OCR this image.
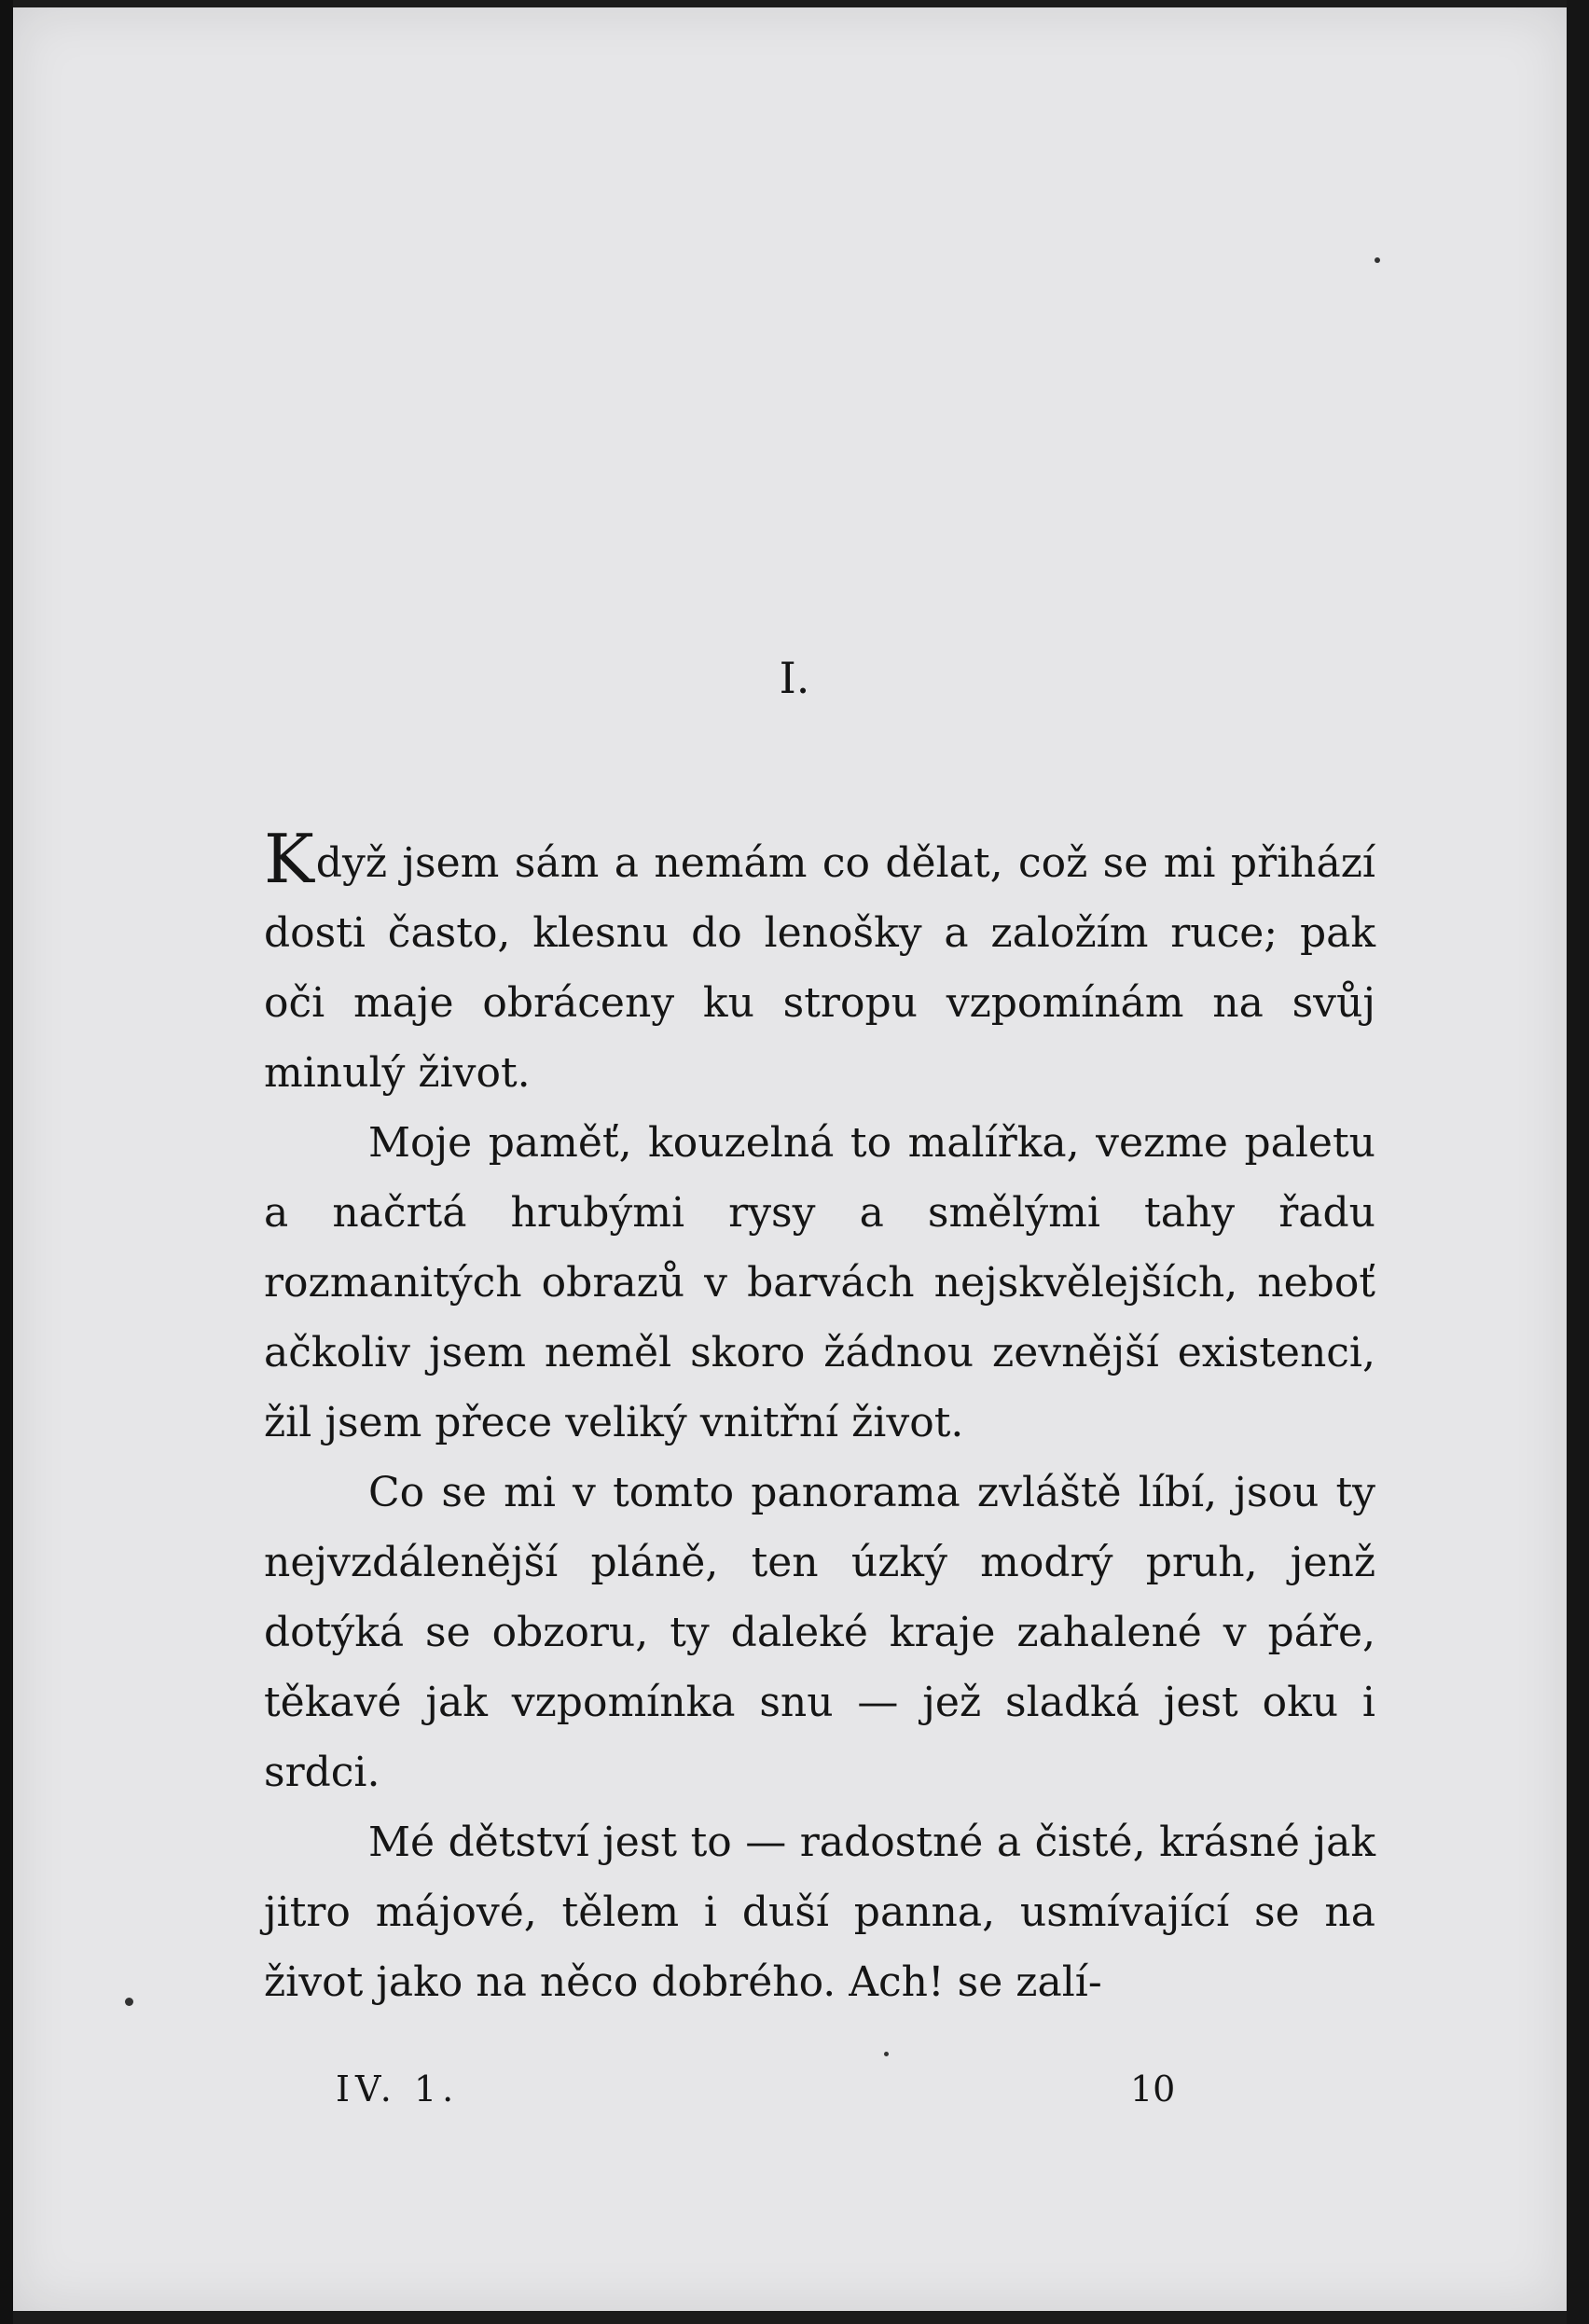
I.

Když jsem sám a nemám co dělat, což se mi přihází dosti často, klesnu do lenošky a založím ruce; pak oči maje obráceny ku stropu vzpomínám na svůj minulý život.

Moje paměť, kouzelná to malířka, vezme paletu a načrtá hrubými rysy a smělými tahy řadu rozmanitých obrazů v barvách nejskvělejších, neboť ačkoliv jsem neměl skoro žádnou zevnější existenci, žil jsem přece veliký vnitřní život.

Co se mi v tomto panorama zvláště líbí, jsou ty nejvzdálenější pláně, ten úzký modrý pruh, jenž dotýká se obzoru, ty daleké kraje zahalené v páře, těkavé jak vzpomínka snu — jež sladká jest oku i srdci.

Mé dětství jest to — radostné a čisté, krásné jak jitro májové, tělem i duší panna, usmívající se na život jako na něco dobrého. Ach! se zalí-

IV. 1.	10
